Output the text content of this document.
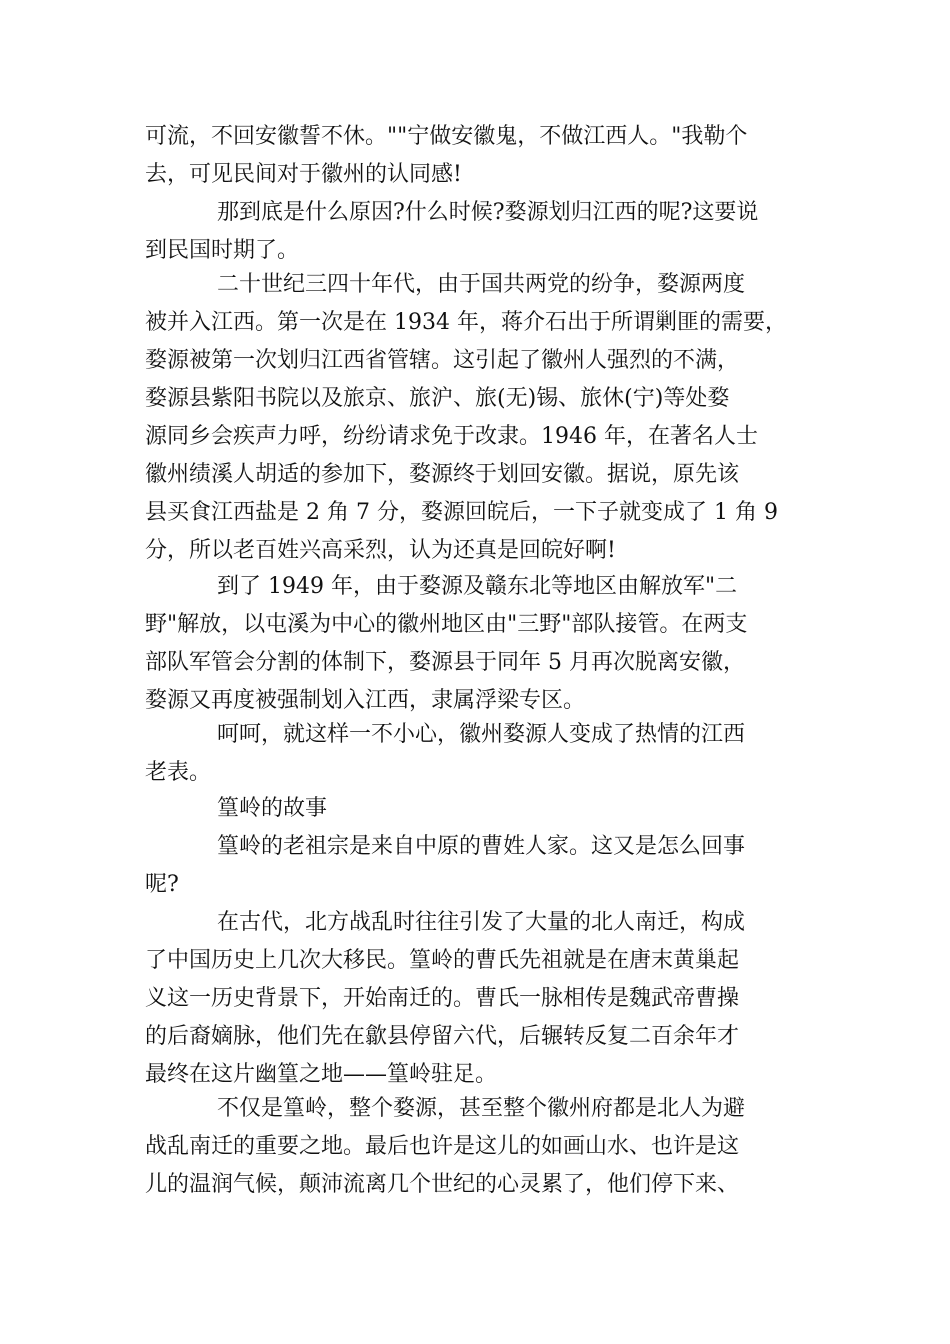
可流，不回安徽誓不休。""宁做安徽鬼，不做江西人。"我勒个
去，可见民间对于徽州的认同感!
那到底是什么原因?什么时候?婺源划归江西的呢?这要说
到民国时期了。
二十世纪三四十年代，由于国共两党的纷争，婺源两度
被并入江西。第一次是在 1934 年，蒋介石出于所谓剿匪的需要，
婺源被第一次划归江西省管辖。这引起了徽州人强烈的不满，
婺源县紫阳书院以及旅京、旅沪、旅(无)锡、旅休(宁)等处婺
源同乡会疾声力呼，纷纷请求免于改隶。1946 年，在著名人士
徽州绩溪人胡适的参加下，婺源终于划回安徽。据说，原先该
县买食江西盐是 2 角 7 分，婺源回皖后，一下子就变成了 1 角 9
分，所以老百姓兴高采烈，认为还真是回皖好啊!
到了 1949 年，由于婺源及赣东北等地区由解放军"二
野"解放，以屯溪为中心的徽州地区由"三野"部队接管。在两支
部队军管会分割的体制下，婺源县于同年 5 月再次脱离安徽，
婺源又再度被强制划入江西，隶属浮梁专区。
呵呵，就这样一不小心，徽州婺源人变成了热情的江西
老表。
篁岭的故事
篁岭的老祖宗是来自中原的曹姓人家。这又是怎么回事
呢?
在古代，北方战乱时往往引发了大量的北人南迁，构成
了中国历史上几次大移民。篁岭的曹氏先祖就是在唐末黄巢起
义这一历史背景下，开始南迁的。曹氏一脉相传是魏武帝曹操
的后裔嫡脉，他们先在歙县停留六代，后辗转反复二百余年才
最终在这片幽篁之地——篁岭驻足。
不仅是篁岭，整个婺源，甚至整个徽州府都是北人为避
战乱南迁的重要之地。最后也许是这儿的如画山水、也许是这
儿的温润气候，颠沛流离几个世纪的心灵累了，他们停下来、
